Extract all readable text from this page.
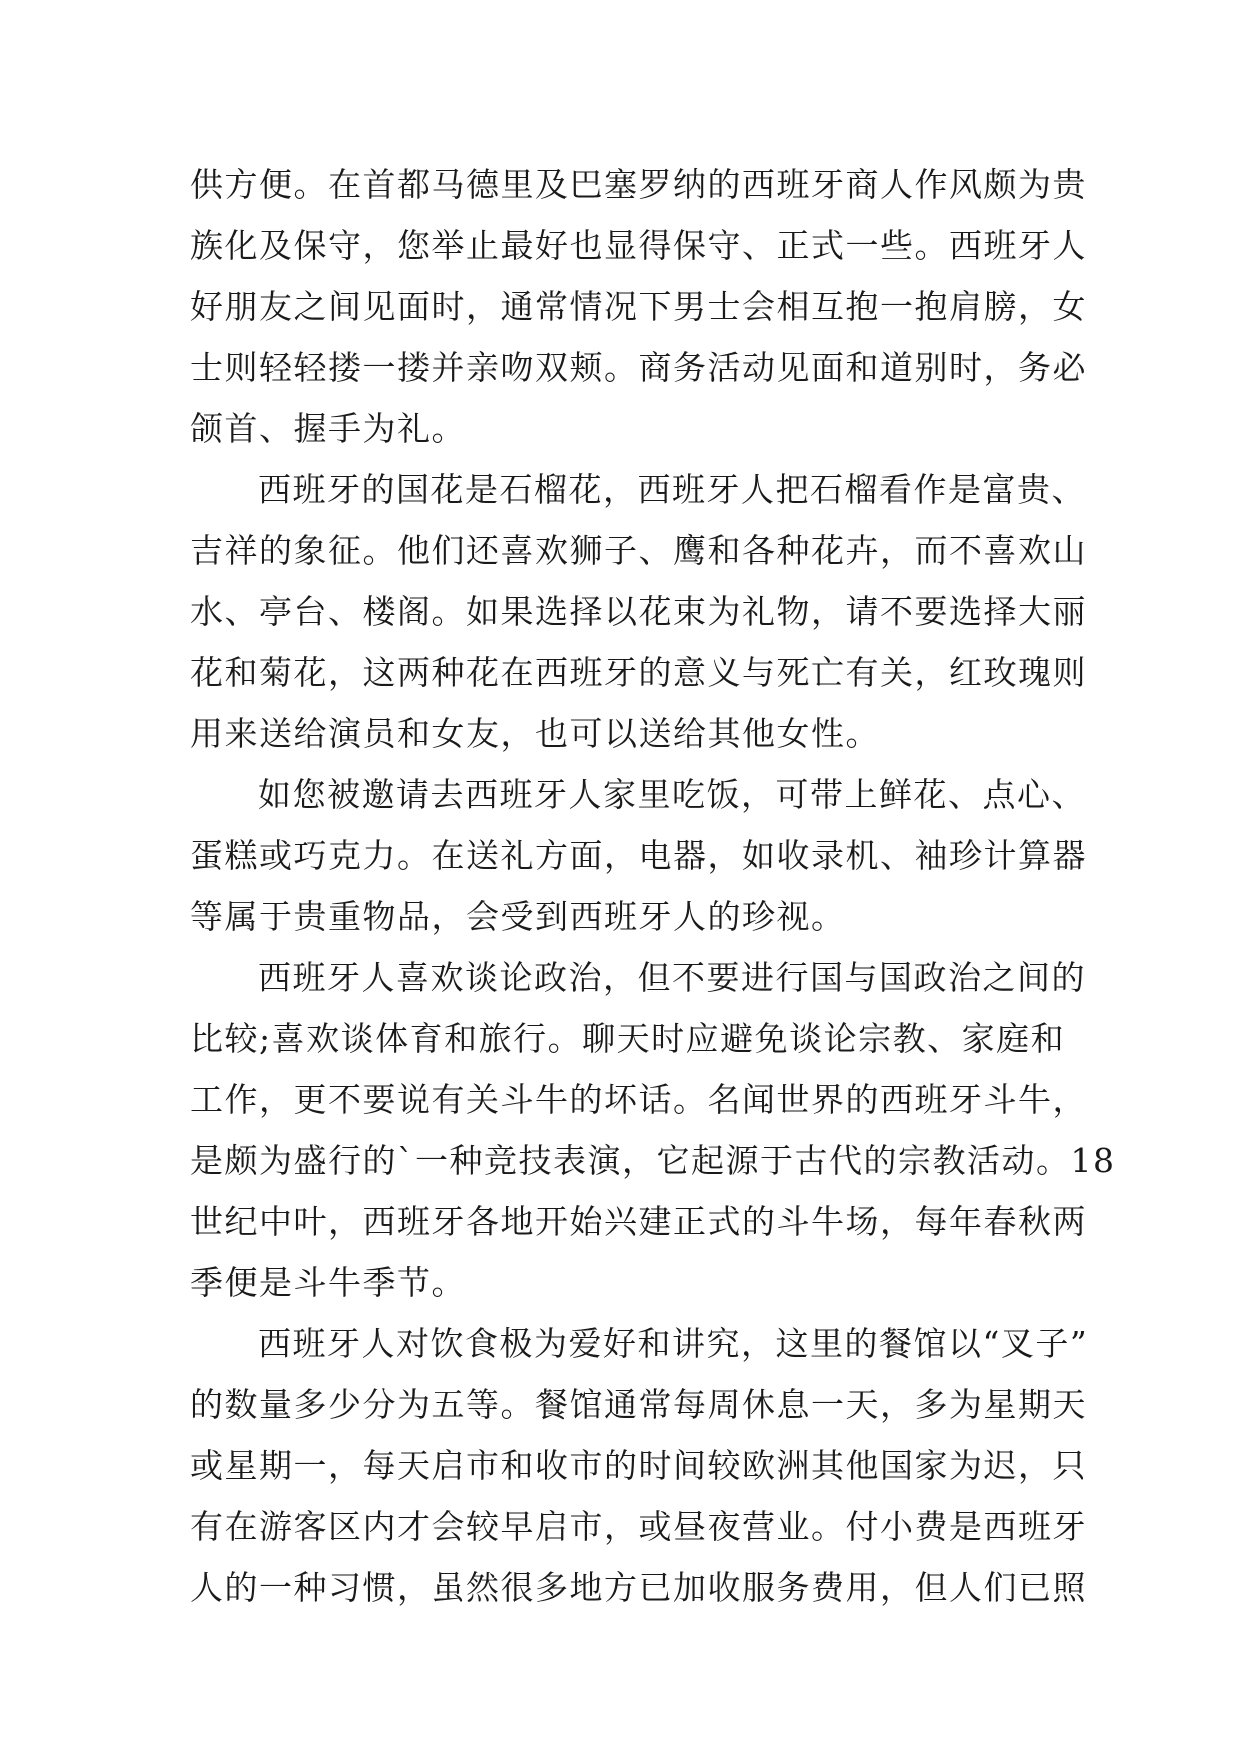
供方便。在首都马德里及巴塞罗纳的西班牙商人作风颇为贵
族化及保守，您举止最好也显得保守、正式一些。西班牙人
好朋友之间见面时，通常情况下男士会相互抱一抱肩膀，女
士则轻轻搂一搂并亲吻双颊。商务活动见面和道别时，务必
颌首、握手为礼。
西班牙的国花是石榴花，西班牙人把石榴看作是富贵、
吉祥的象征。他们还喜欢狮子、鹰和各种花卉，而不喜欢山
水、亭台、楼阁。如果选择以花束为礼物，请不要选择大丽
花和菊花，这两种花在西班牙的意义与死亡有关，红玫瑰则
用来送给演员和女友，也可以送给其他女性。
如您被邀请去西班牙人家里吃饭，可带上鲜花、点心、
蛋糕或巧克力。在送礼方面，电器，如收录机、袖珍计算器
等属于贵重物品，会受到西班牙人的珍视。
西班牙人喜欢谈论政治，但不要进行国与国政治之间的
比较;喜欢谈体育和旅行。聊天时应避免谈论宗教、家庭和
工作，更不要说有关斗牛的坏话。名闻世界的西班牙斗牛，
是颇为盛行的`一种竞技表演，它起源于古代的宗教活动。18
世纪中叶，西班牙各地开始兴建正式的斗牛场，每年春秋两
季便是斗牛季节。
西班牙人对饮食极为爱好和讲究，这里的餐馆以“叉子”
的数量多少分为五等。餐馆通常每周休息一天，多为星期天
或星期一，每天启市和收市的时间较欧洲其他国家为迟，只
有在游客区内才会较早启市，或昼夜营业。付小费是西班牙
人的一种习惯，虽然很多地方已加收服务费用，但人们已照
